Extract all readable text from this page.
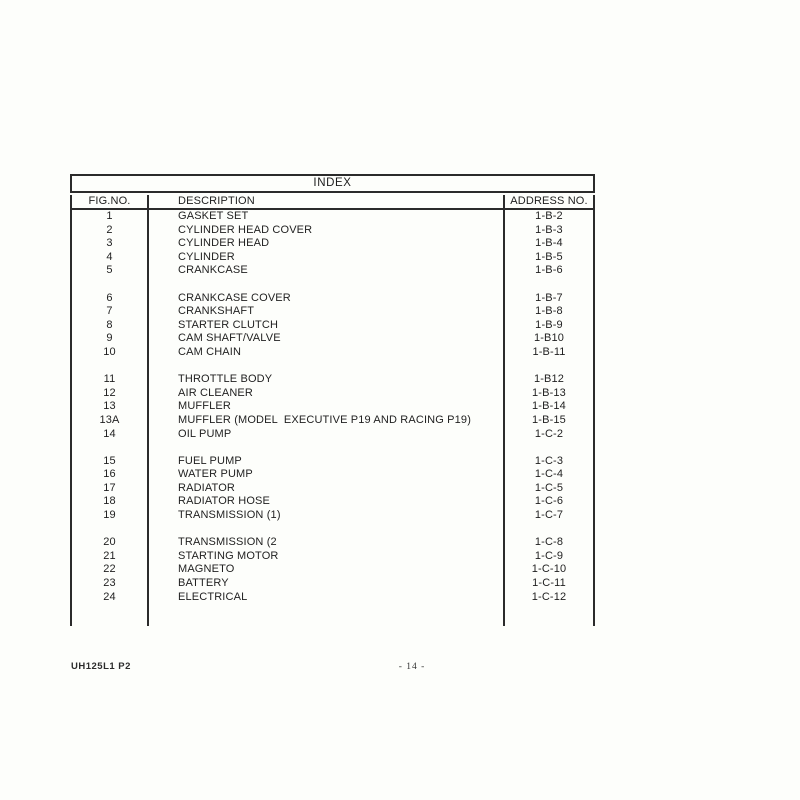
INDEX
FIG.NO.	DESCRIPTION	ADDRESS NO.
1	GASKET SET	1-B-2
2	CYLINDER HEAD COVER	1-B-3
3	CYLINDER HEAD	1-B-4
4	CYLINDER	1-B-5
5	CRANKCASE	1-B-6
6	CRANKCASE COVER	1-B-7
7	CRANKSHAFT	1-B-8
8	STARTER CLUTCH	1-B-9
9	CAM SHAFT/VALVE	1-B10
10	CAM CHAIN	1-B-11
11	THROTTLE BODY	1-B12
12	AIR CLEANER	1-B-13
13	MUFFLER	1-B-14
13A	MUFFLER (MODEL  EXECUTIVE P19 AND RACING P19)	1-B-15
14	OIL PUMP	1-C-2
15	FUEL PUMP	1-C-3
16	WATER PUMP	1-C-4
17	RADIATOR	1-C-5
18	RADIATOR HOSE	1-C-6
19	TRANSMISSION (1)	1-C-7
20	TRANSMISSION (2	1-C-8
21	STARTING MOTOR	1-C-9
22	MAGNETO	1-C-10
23	BATTERY	1-C-11
24	ELECTRICAL	1-C-12
UH125L1 P2	- 14 -
